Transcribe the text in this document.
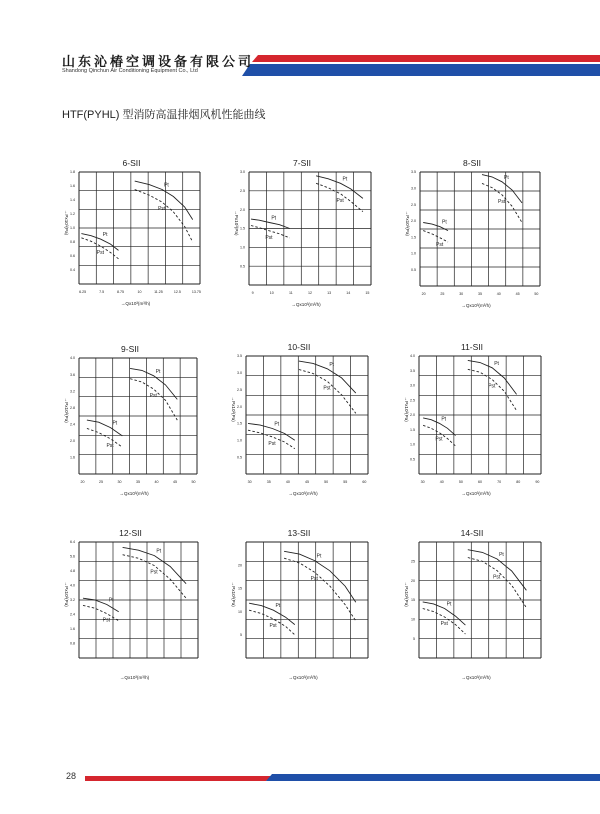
山东沁椿空调设备有限公司
Shandong Qinchun Air Conditioning Equipment Co., Ltd
HTF(PYHL) 型消防高温排烟风机性能曲线
6-SII
6.25	7.5	8.75	10	11.25	12.5	13.75
0.4
0.6
0.8
1.0
1.2
1.4
1.6
1.8
→Qx10³(m³/h)
→Px10³(Pa)
Pt
Pst
Pt
Pst
7-SII
9	10	11	12	13	14	15
0.5
1.0
1.5
2.0
2.5
3.0
→Qx10³(m³/h)
→Px10³(Pa)
Pt
Pst
Pt
Pst
8-SII
20	25	30	35	40	45	50
0.5
1.0
1.5
2.0
2.5
3.0
3.5
→Qx10³(m³/h)
→Px10³(Pa)
Pt
Pst
Pt
Pst
9-SII
20	25	30	35	40	45	50
1.6
2.0
2.4
2.8
3.2
3.6
4.0
→Qx10³(m³/h)
→Px10³(Pa)
Pt
Pst
Pt
Pst
10-SII
30	35	40	45	50	55	60
0.5
1.0
1.5
2.0
2.5
3.0
3.5
→Qx10³(m³/h)
→Px10³(Pa)
Pt
Pst
Pt
Pst
11-SII
30	40	50	60	70	80	90
0.5
1.0
1.5
2.0
2.5
3.0
3.5
4.0
→Qx10³(m³/h)
→Px10³(Pa)
Pt
Pst
Pt
Pst
12-SII
0.8
1.6
2.4
3.2
4.0
4.8
5.6
6.4
→Qx10³(m³/h)
→Px10³(Pa)
Pt
Pst
Pt
Pst
13-SII
5
10
15
20
→Qx10³(m³/h)
→Px10³(Pa)
Pt
Pst
Pt
Pst
14-SII
5
10
15
20
25
→Qx10³(m³/h)
→Px10³(Pa)
Pt
Pst
Pt
Pst
28
